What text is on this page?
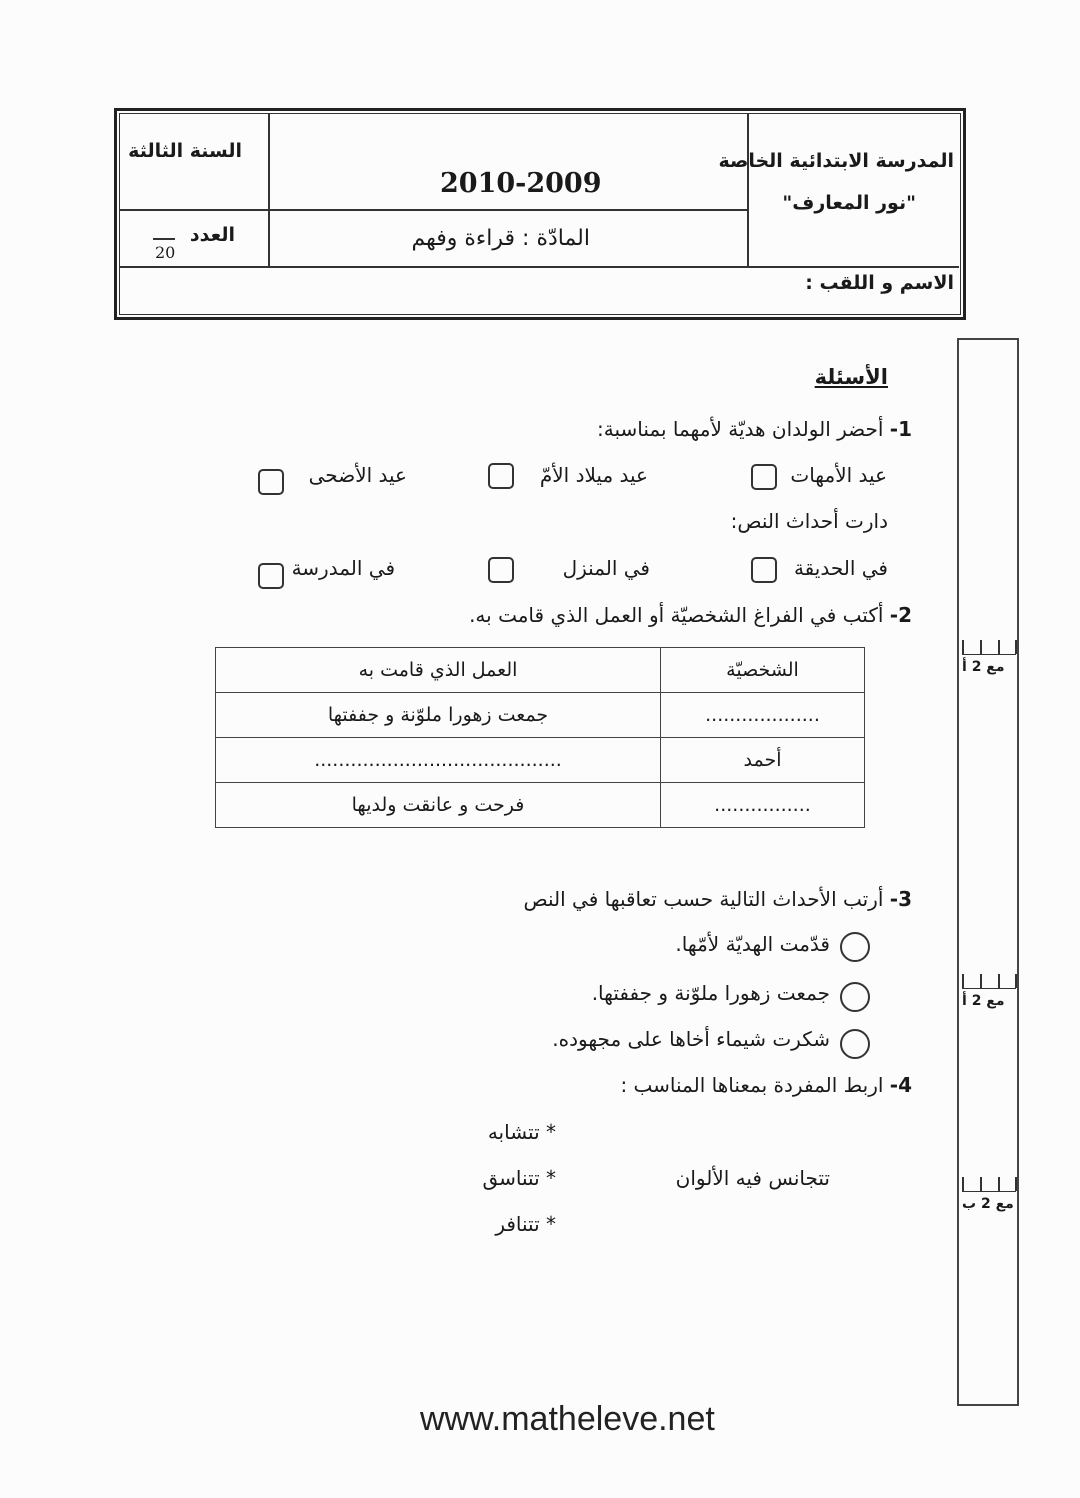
المدرسة الابتدائية الخاصة
"نور المعارف"
2010-2009
المادّة : قراءة وفهم
السنة الثالثة
العدد
20
الاسم و اللقب :
الأسئلة
1- أحضر الولدان هديّة لأمهما بمناسبة:
عيد الأمهات
عيد ميلاد الأمّ
عيد الأضحى
دارت أحداث النص:
في الحديقة
في المنزل
في المدرسة
2- أكتب في الفراغ الشخصيّة أو العمل الذي قامت به.
الشخصيّة	العمل الذي قامت به
...................	جمعت زهورا ملوّنة و جففتها
أحمد	.........................................
................	فرحت و عانقت ولديها
3- أرتب الأحداث التالية حسب تعاقبها في النص
قدّمت الهديّة لأمّها.
جمعت زهورا ملوّنة و جففتها.
شكرت شيماء أخاها على مجهوده.
4- اربط المفردة بمعناها المناسب :
* تتشابه
* تتناسق
* تتنافر
تتجانس فيه الألوان
مع 2 أ
مع 2 أ
مع 2 ب
www.matheleve.net
